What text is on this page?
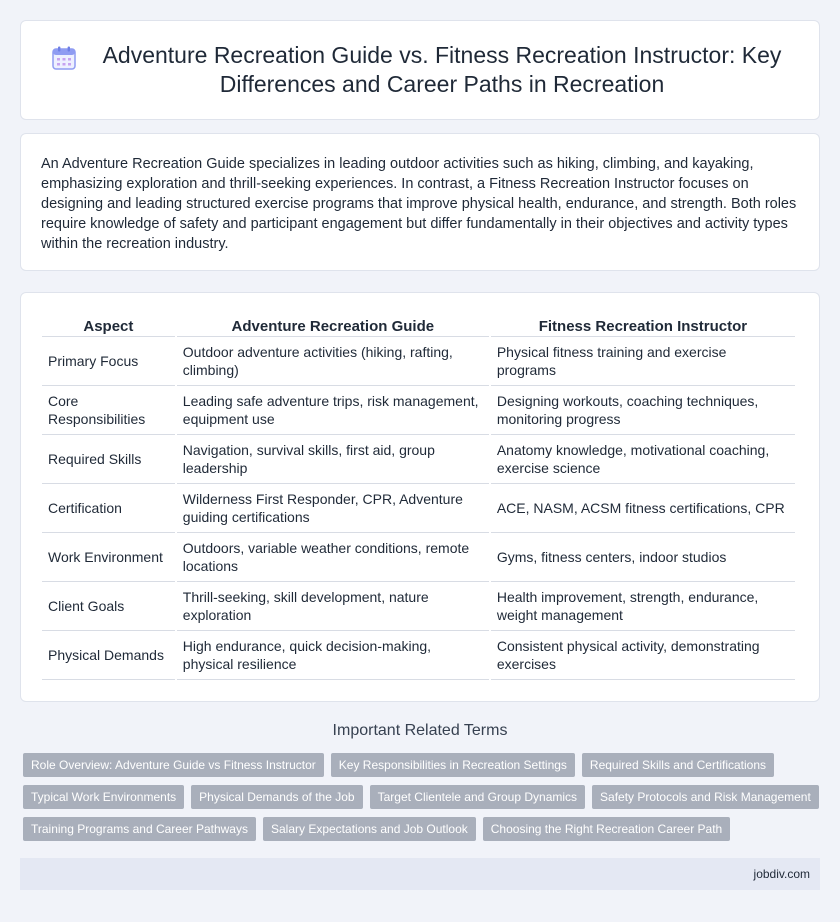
Adventure Recreation Guide vs. Fitness Recreation Instructor: Key Differences and Career Paths in Recreation

An Adventure Recreation Guide specializes in leading outdoor activities such as hiking, climbing, and kayaking, emphasizing exploration and thrill-seeking experiences. In contrast, a Fitness Recreation Instructor focuses on designing and leading structured exercise programs that improve physical health, endurance, and strength. Both roles require knowledge of safety and participant engagement but differ fundamentally in their objectives and activity types within the recreation industry.

Aspect	Adventure Recreation Guide	Fitness Recreation Instructor
Primary Focus	Outdoor adventure activities (hiking, rafting, climbing)	Physical fitness training and exercise programs
Core Responsibilities	Leading safe adventure trips, risk management, equipment use	Designing workouts, coaching techniques, monitoring progress
Required Skills	Navigation, survival skills, first aid, group leadership	Anatomy knowledge, motivational coaching, exercise science
Certification	Wilderness First Responder, CPR, Adventure guiding certifications	ACE, NASM, ACSM fitness certifications, CPR
Work Environment	Outdoors, variable weather conditions, remote locations	Gyms, fitness centers, indoor studios
Client Goals	Thrill-seeking, skill development, nature exploration	Health improvement, strength, endurance, weight management
Physical Demands	High endurance, quick decision-making, physical resilience	Consistent physical activity, demonstrating exercises
Important Related Terms
Role Overview: Adventure Guide vs Fitness Instructor	Key Responsibilities in Recreation Settings	Required Skills and Certifications
Typical Work Environments	Physical Demands of the Job	Target Clientele and Group Dynamics	Safety Protocols and Risk Management
Training Programs and Career Pathways	Salary Expectations and Job Outlook	Choosing the Right Recreation Career Path
jobdiv.com
